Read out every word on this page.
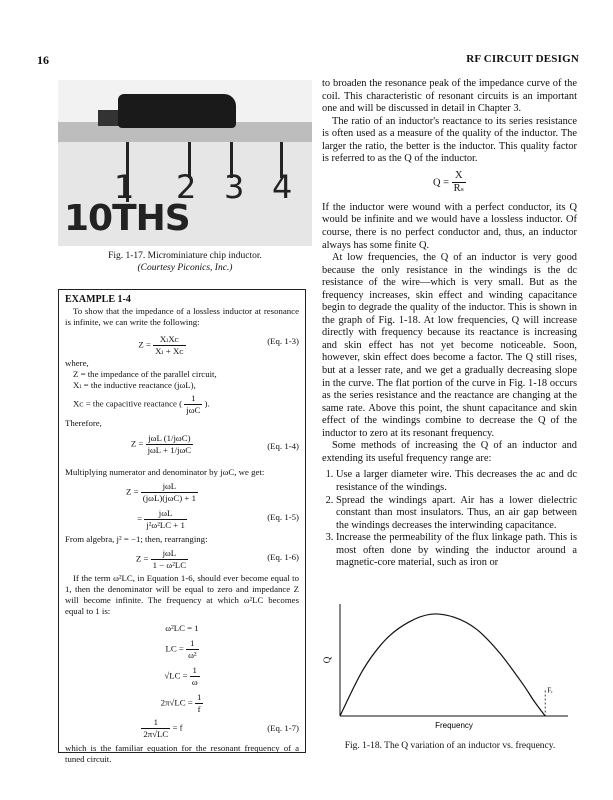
16	RF CIRCUIT DESIGN
1 2 3 4
10THS
Fig. 1-17. Microminiature chip inductor.
(Courtesy Piconics, Inc.)
EXAMPLE 1-4

To show that the impedance of a lossless inductor at resonance is infinite, we can write the following:

$Z = \frac{\text{XₗXᴄ}}{\text{Xₗ + Xᴄ}}$	(Eq. 1-3)
where,
Z = the impedance of the parallel circuit,
Xₗ = the inductive reactance (jωL),
Xᴄ = the capacitive reactance ( $\frac{1}{\text{jωC}}$ ).
Therefore,
$Z = \frac{\text{jωL (1/jωC)}}{\text{jωL + 1/jωC}}$	(Eq. 1-4)
Multiplying numerator and denominator by jωC, we get:
$Z = \frac{\text{jωL}}{\text{(jωL)(jωC) + 1}}$
= $\frac{\text{jωL}}{\text{j²ω²LC + 1}}$	(Eq. 1-5)
From algebra, j² = −1; then, rearranging:
$Z = \frac{\text{jωL}}{\text{1 − ω²LC}}$	(Eq. 1-6)

If the term ω²LC, in Equation 1-6, should ever become equal to 1, then the denominator will be equal to zero and impedance Z will become infinite. The frequency at which ω²LC becomes equal to 1 is:

ω²LC = 1
LC = $\frac{1}{\text{ω²}}$
$√LC = \frac{1}{\omega}$
$2\pi√LC = \frac{1}{f}$
$\frac{1}{2\pi√LC} = f$	(Eq. 1-7)
which is the familiar equation for the resonant frequency of a tuned circuit.

to broaden the resonance peak of the impedance curve of the coil. This characteristic of resonant circuits is an important one and will be discussed in detail in Chapter 3.

The ratio of an inductor's reactance to its series resistance is often used as a measure of the quality of the inductor. The larger the ratio, the better is the inductor. This quality factor is referred to as the Q of the inductor.

$Q = \frac{X}{\text{Rₛ}}$

If the inductor were wound with a perfect conductor, its Q would be infinite and we would have a lossless inductor. Of course, there is no perfect conductor and, thus, an inductor always has some finite Q.

At low frequencies, the Q of an inductor is very good because the only resistance in the windings is the dc resistance of the wire—which is very small. But as the frequency increases, skin effect and winding capacitance begin to degrade the quality of the inductor. This is shown in the graph of Fig. 1-18. At low frequencies, Q will increase directly with frequency because its reactance is increasing and skin effect has not yet become noticeable. Soon, however, skin effect does become a factor. The Q still rises, but at a lesser rate, and we get a gradually decreasing slope in the curve. The flat portion of the curve in Fig. 1-18 occurs as the series resistance and the reactance are changing at the same rate. Above this point, the shunt capacitance and skin effect of the windings combine to decrease the Q of the inductor to zero at its resonant frequency.

Some methods of increasing the Q of an inductor and extending its useful frequency range are:

1. Use a larger diameter wire. This decreases the ac and dc resistance of the windings.
2. Spread the windings apart. Air has a lower dielectric constant than most insulators. Thus, an air gap between the windings decreases the interwinding capacitance.
3. Increase the permeability of the flux linkage path. This is most often done by winding the inductor around a magnetic-core material, such as iron or
Q
Frequency
Fᵣ
Fig. 1-18. The Q variation of an inductor vs. frequency.
